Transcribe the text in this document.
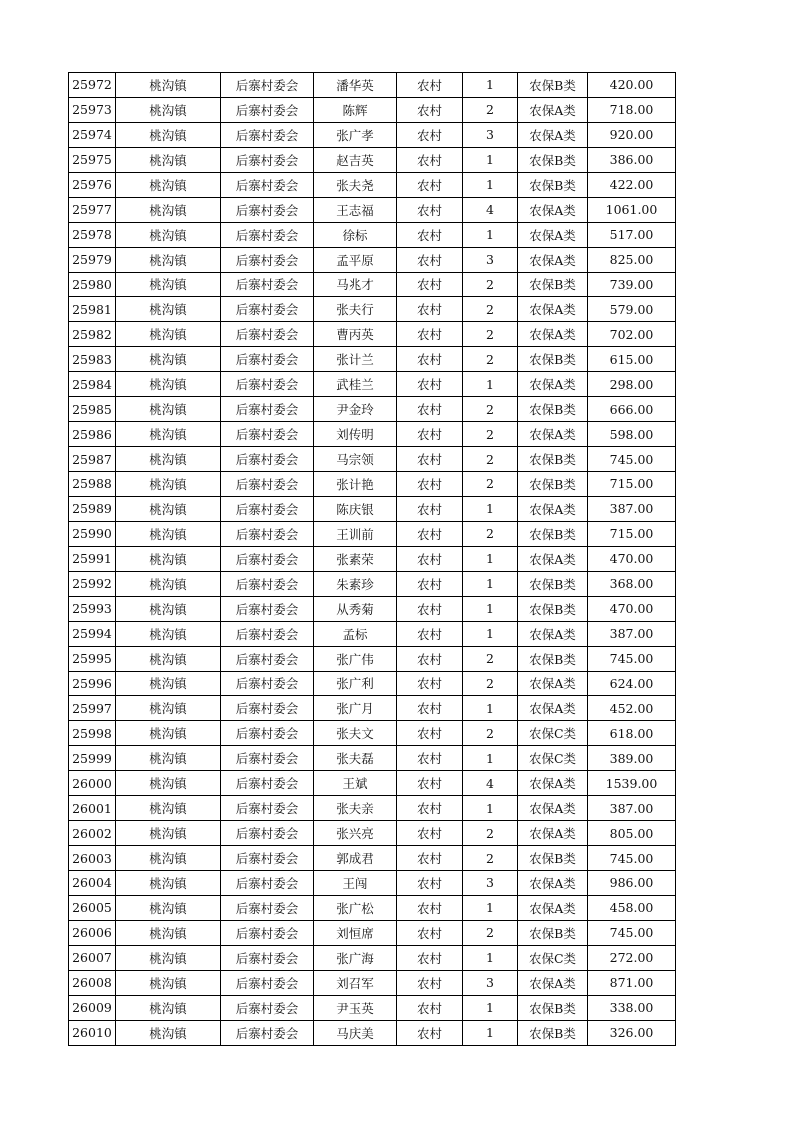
25972	桃沟镇	后寨村委会	潘华英	农村	1	农保B类	420.00
25973	桃沟镇	后寨村委会	陈辉	农村	2	农保A类	718.00
25974	桃沟镇	后寨村委会	张广孝	农村	3	农保A类	920.00
25975	桃沟镇	后寨村委会	赵吉英	农村	1	农保B类	386.00
25976	桃沟镇	后寨村委会	张夫尧	农村	1	农保B类	422.00
25977	桃沟镇	后寨村委会	王志福	农村	4	农保A类	1061.00
25978	桃沟镇	后寨村委会	徐标	农村	1	农保A类	517.00
25979	桃沟镇	后寨村委会	孟平原	农村	3	农保A类	825.00
25980	桃沟镇	后寨村委会	马兆才	农村	2	农保B类	739.00
25981	桃沟镇	后寨村委会	张夫行	农村	2	农保A类	579.00
25982	桃沟镇	后寨村委会	曹丙英	农村	2	农保A类	702.00
25983	桃沟镇	后寨村委会	张计兰	农村	2	农保B类	615.00
25984	桃沟镇	后寨村委会	武桂兰	农村	1	农保A类	298.00
25985	桃沟镇	后寨村委会	尹金玲	农村	2	农保B类	666.00
25986	桃沟镇	后寨村委会	刘传明	农村	2	农保A类	598.00
25987	桃沟镇	后寨村委会	马宗领	农村	2	农保B类	745.00
25988	桃沟镇	后寨村委会	张计艳	农村	2	农保B类	715.00
25989	桃沟镇	后寨村委会	陈庆银	农村	1	农保A类	387.00
25990	桃沟镇	后寨村委会	王训前	农村	2	农保B类	715.00
25991	桃沟镇	后寨村委会	张素荣	农村	1	农保A类	470.00
25992	桃沟镇	后寨村委会	朱素珍	农村	1	农保B类	368.00
25993	桃沟镇	后寨村委会	从秀菊	农村	1	农保B类	470.00
25994	桃沟镇	后寨村委会	孟标	农村	1	农保A类	387.00
25995	桃沟镇	后寨村委会	张广伟	农村	2	农保B类	745.00
25996	桃沟镇	后寨村委会	张广利	农村	2	农保A类	624.00
25997	桃沟镇	后寨村委会	张广月	农村	1	农保A类	452.00
25998	桃沟镇	后寨村委会	张夫文	农村	2	农保C类	618.00
25999	桃沟镇	后寨村委会	张夫磊	农村	1	农保C类	389.00
26000	桃沟镇	后寨村委会	王斌	农村	4	农保A类	1539.00
26001	桃沟镇	后寨村委会	张夫亲	农村	1	农保A类	387.00
26002	桃沟镇	后寨村委会	张兴亮	农村	2	农保A类	805.00
26003	桃沟镇	后寨村委会	郭成君	农村	2	农保B类	745.00
26004	桃沟镇	后寨村委会	王闯	农村	3	农保A类	986.00
26005	桃沟镇	后寨村委会	张广松	农村	1	农保A类	458.00
26006	桃沟镇	后寨村委会	刘恒席	农村	2	农保B类	745.00
26007	桃沟镇	后寨村委会	张广海	农村	1	农保C类	272.00
26008	桃沟镇	后寨村委会	刘召军	农村	3	农保A类	871.00
26009	桃沟镇	后寨村委会	尹玉英	农村	1	农保B类	338.00
26010	桃沟镇	后寨村委会	马庆美	农村	1	农保B类	326.00
